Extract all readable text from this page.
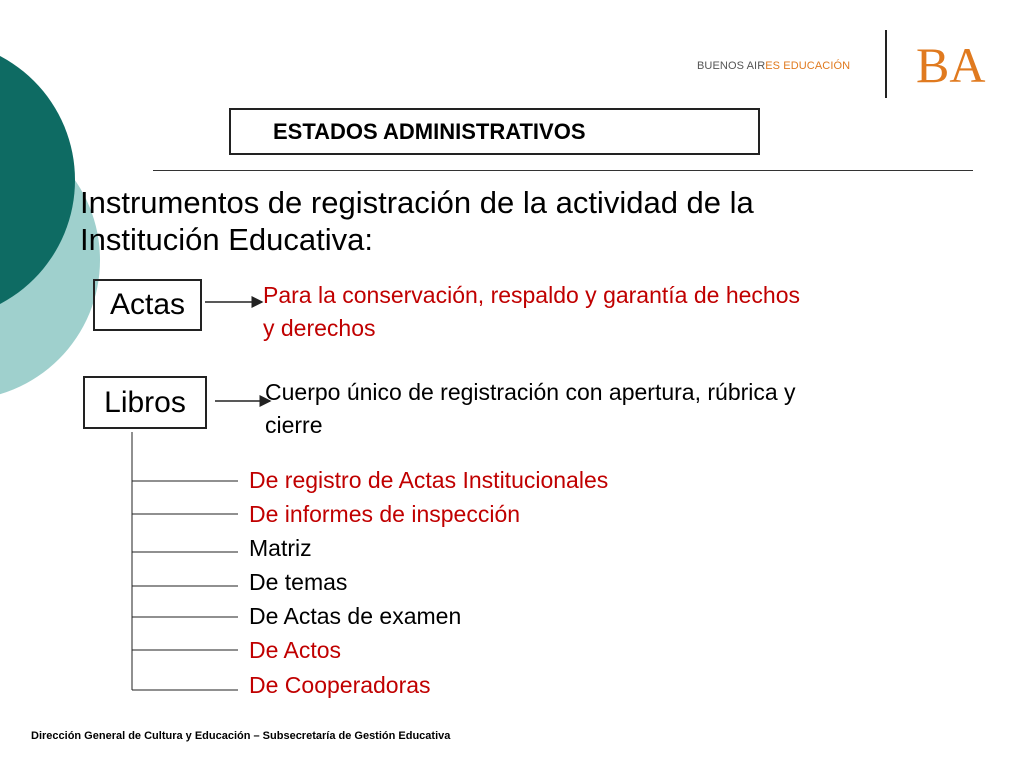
BUENOS AIRES EDUCACIÓN BA
ESTADOS ADMINISTRATIVOS
Instrumentos de registración de la actividad de la
Institución Educativa:
Actas
Libros
Para la conservación, respaldo y garantía de hechos
y derechos
Cuerpo único de registración con apertura, rúbrica y
cierre
De registro de Actas Institucionales
De informes de inspección
Matriz
De temas
De Actas de examen
De Actos
De Cooperadoras
Dirección General de Cultura y Educación – Subsecretaría de Gestión Educativa
